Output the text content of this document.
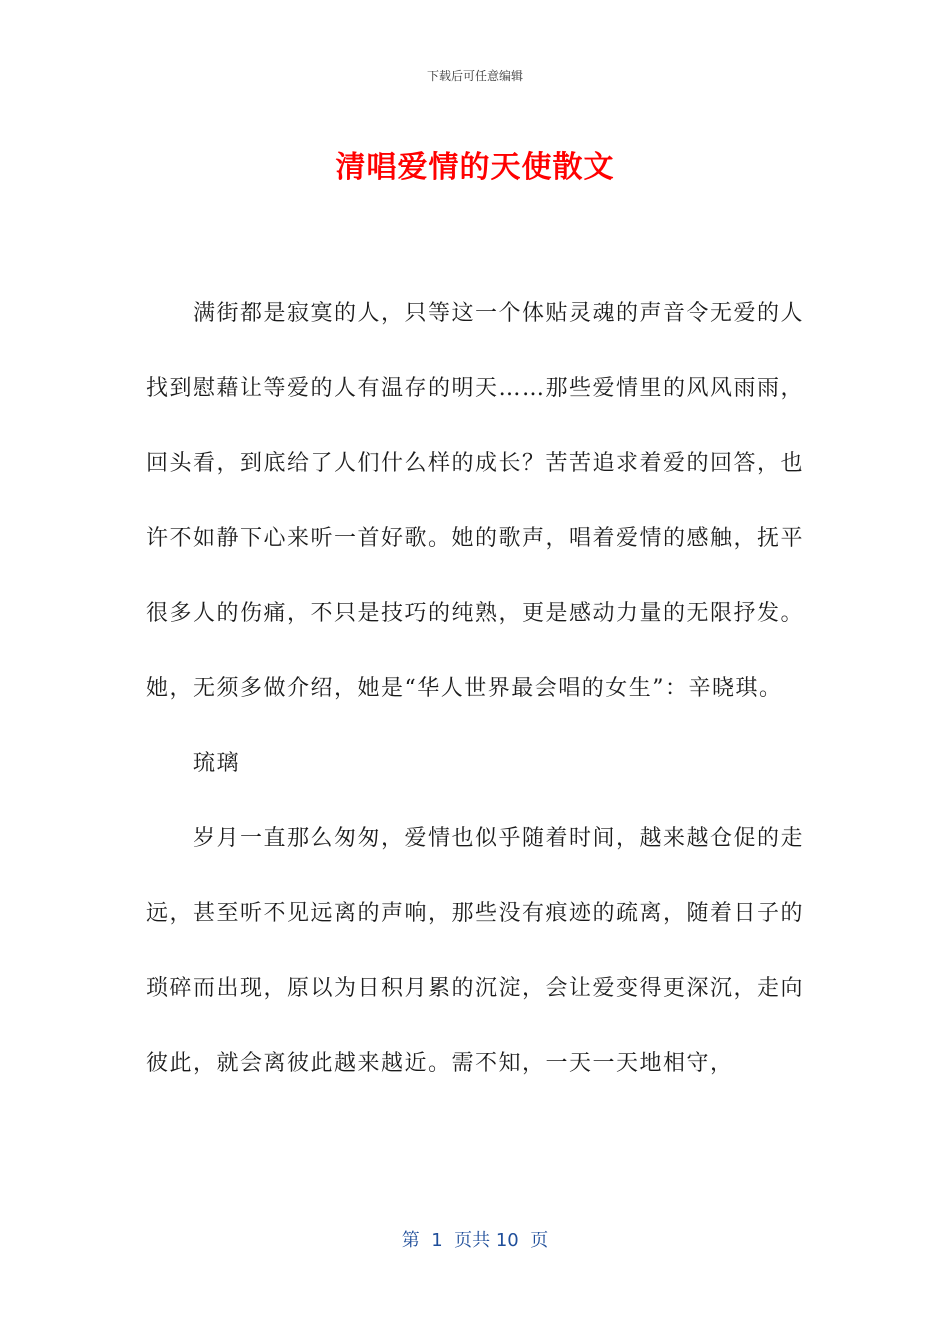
下载后可任意编辑
清唱爱情的天使散文

满街都是寂寞的人，只等这一个体贴灵魂的声音令无爱的人找到慰藉让等爱的人有温存的明天……那些爱情里的风风雨雨，回头看，到底给了人们什么样的成长？苦苦追求着爱的回答，也许不如静下心来听一首好歌。她的歌声，唱着爱情的感触，抚平很多人的伤痛，不只是技巧的纯熟，更是感动力量的无限抒发。她，无须多做介绍，她是“华人世界最会唱的女生”：辛晓琪。

琉璃

岁月一直那么匆匆，爱情也似乎随着时间，越来越仓促的走远，甚至听不见远离的声响，那些没有痕迹的疏离，随着日子的琐碎而出现，原以为日积月累的沉淀，会让爱变得更深沉，走向彼此，就会离彼此越来越近。需不知，一天一天地相守，

第  1  页共 10  页
